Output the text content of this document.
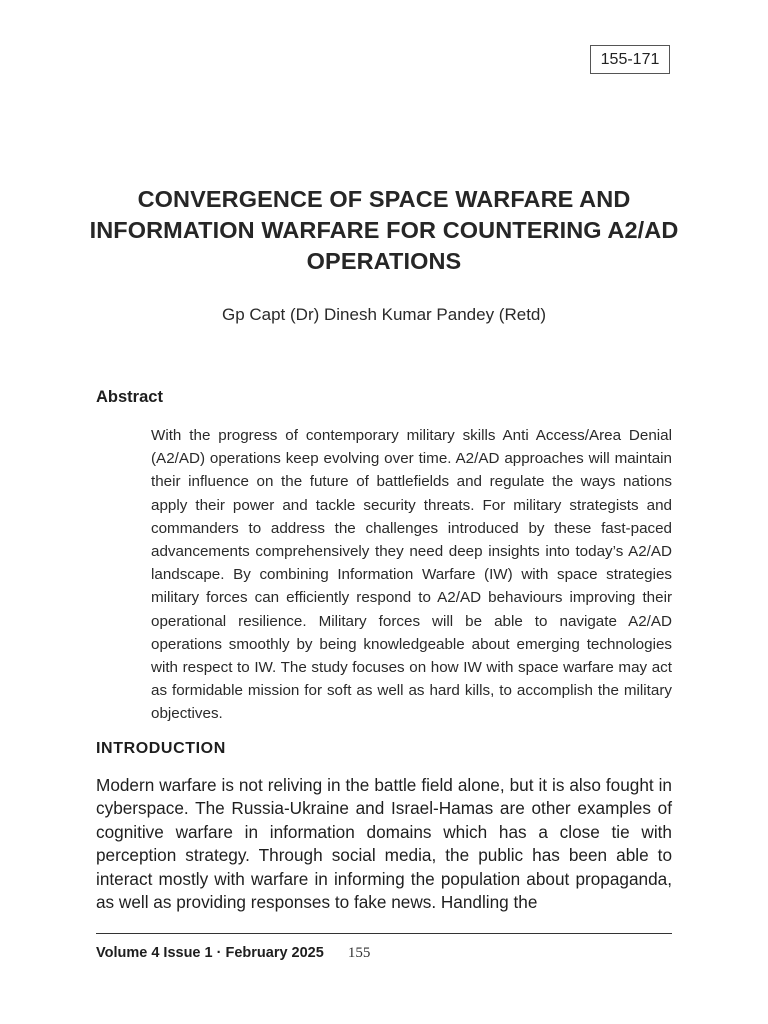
155-171
CONVERGENCE OF SPACE WARFARE AND INFORMATION WARFARE FOR COUNTERING A2/AD OPERATIONS
Gp Capt (Dr) Dinesh Kumar Pandey (Retd)
Abstract

With the progress of contemporary military skills Anti Access/Area Denial (A2/AD) operations keep evolving over time. A2/AD approaches will maintain their influence on the future of battlefields and regulate the ways nations apply their power and tackle security threats. For military strategists and commanders to address the challenges introduced by these fast-paced advancements comprehensively they need deep insights into today’s A2/AD landscape. By combining Information Warfare (IW) with space strategies military forces can efficiently respond to A2/AD behaviours improving their operational resilience. Military forces will be able to navigate A2/AD operations smoothly by being knowledgeable about emerging technologies with respect to IW. The study focuses on how IW with space warfare may act as formidable mission for soft as well as hard kills, to accomplish the military objectives.

INTRODUCTION

Modern warfare is not reliving in the battle field alone, but it is also fought in cyberspace. The Russia-Ukraine and Israel-Hamas are other examples of cognitive warfare in information domains which has a close tie with perception strategy. Through social media, the public has been able to interact mostly with warfare in informing the population about propaganda, as well as providing responses to fake news. Handling the

Volume 4 Issue 1 · February 2025 155
